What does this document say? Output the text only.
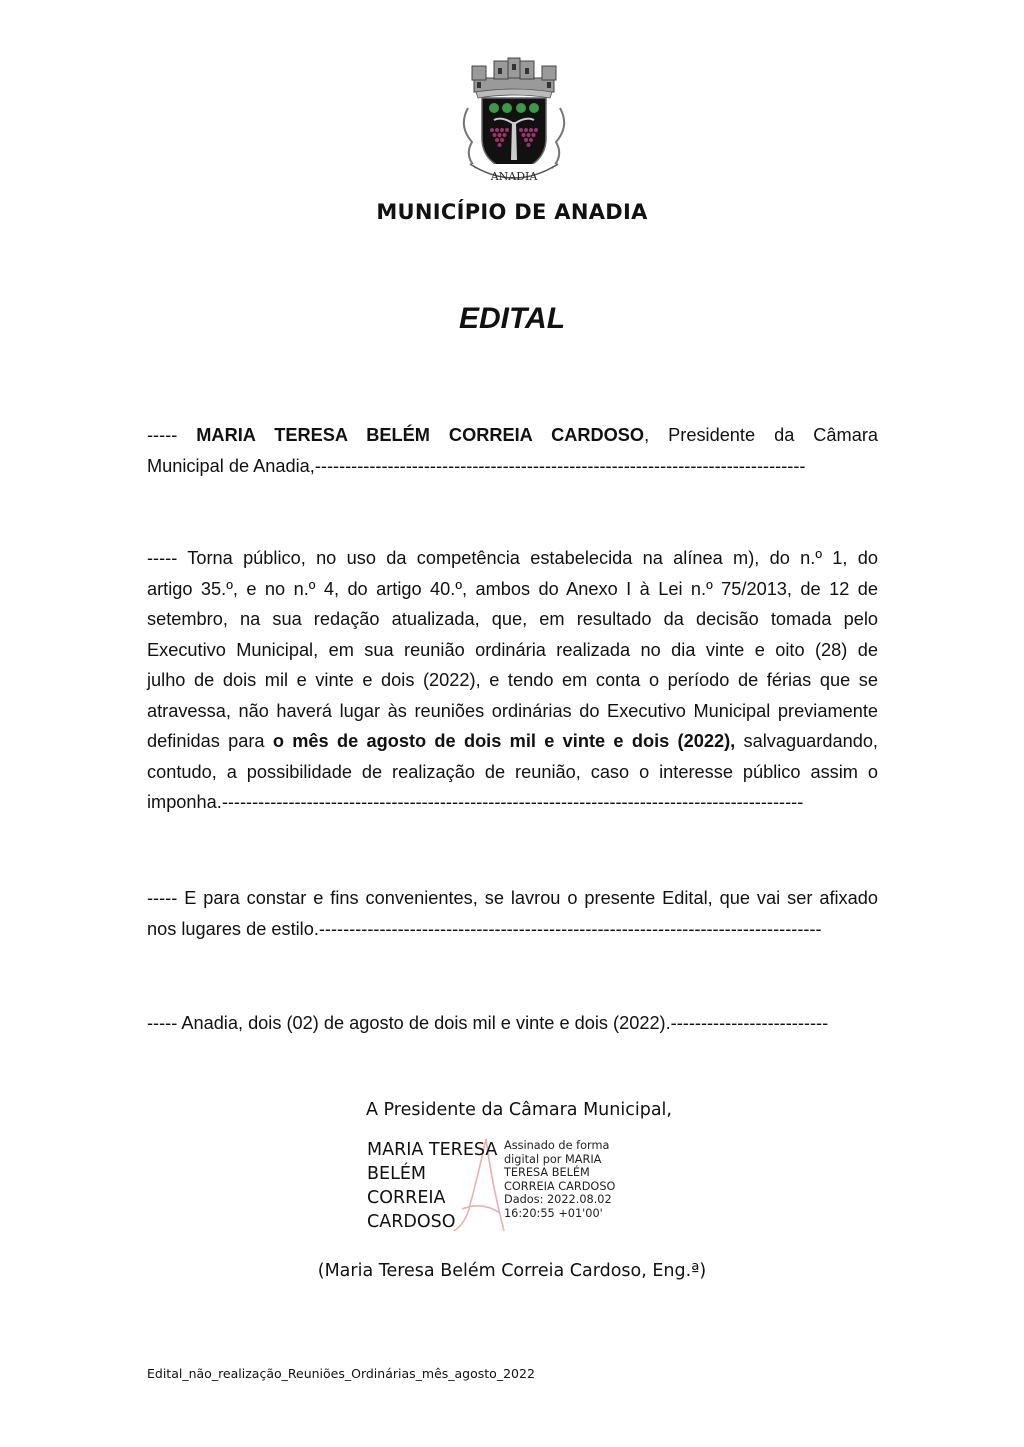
ANADIA
MUNICÍPIO DE ANADIA
EDITAL
----- MARIA TERESA BELÉM CORREIA CARDOSO, Presidente da Câmara
Municipal de Anadia,---------------------------------------------------------------------------------
----- Torna público, no uso da competência estabelecida na alínea m), do n.º 1, do
artigo 35.º, e no n.º 4, do artigo 40.º, ambos do Anexo I à Lei n.º 75/2013, de 12 de
setembro, na sua redação atualizada, que, em resultado da decisão tomada pelo
Executivo Municipal, em sua reunião ordinária realizada no dia vinte e oito (28) de
julho de dois mil e vinte e dois (2022), e tendo em conta o período de férias que se
atravessa, não haverá lugar às reuniões ordinárias do Executivo Municipal previamente
definidas para o mês de agosto de dois mil e vinte e dois (2022), salvaguardando,
contudo, a possibilidade de realização de reunião, caso o interesse público assim o
imponha.------------------------------------------------------------------------------------------------
----- E para constar e fins convenientes, se lavrou o presente Edital, que vai ser afixado
nos lugares de estilo.-----------------------------------------------------------------------------------
----- Anadia, dois (02) de agosto de dois mil e vinte e dois (2022).--------------------------
A Presidente da Câmara Municipal,
MARIA TERESA
BELÉM
CORREIA
CARDOSO
Assinado de forma
digital por MARIA
TERESA BELÉM
CORREIA CARDOSO
Dados: 2022.08.02
16:20:55 +01'00'
(Maria Teresa Belém Correia Cardoso, Eng.ª)
Edital_não_realização_Reuniões_Ordinárias_mês_agosto_2022
